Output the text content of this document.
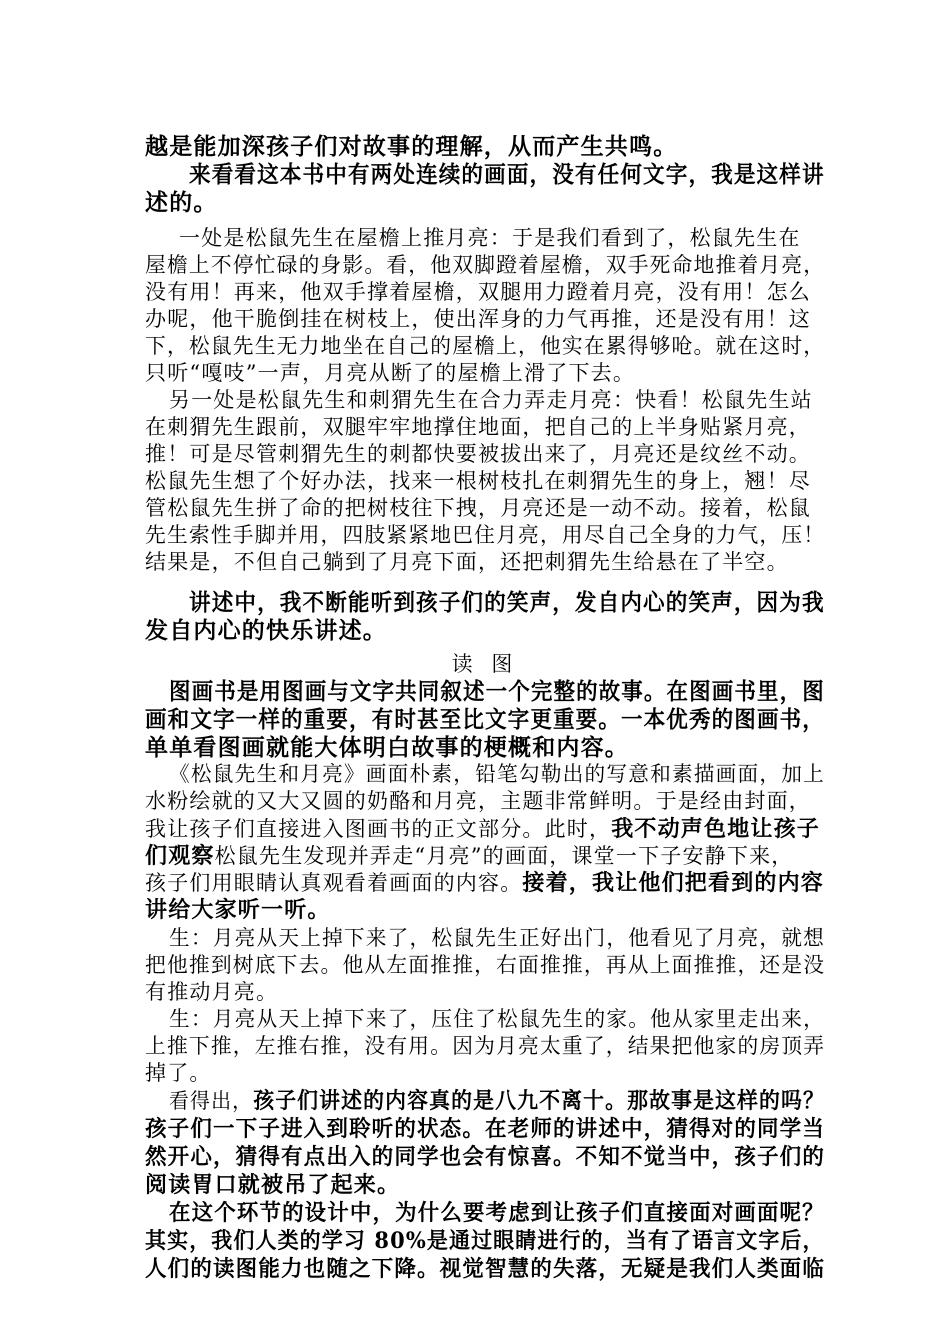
越是能加深孩子们对故事的理解，从而产生共鸣。
来看看这本书中有两处连续的画面，没有任何文字，我是这样讲
述的。
一处是松鼠先生在屋檐上推月亮：于是我们看到了，松鼠先生在
屋檐上不停忙碌的身影。看，他双脚蹬着屋檐，双手死命地推着月亮，
没有用！再来，他双手撑着屋檐，双腿用力蹬着月亮，没有用！怎么
办呢，他干脆倒挂在树枝上，使出浑身的力气再推，还是没有用！这
下，松鼠先生无力地坐在自己的屋檐上，他实在累得够呛。就在这时，
只听“嘎吱”一声，月亮从断了的屋檐上滑了下去。
另一处是松鼠先生和刺猬先生在合力弄走月亮：快看！松鼠先生站
在刺猬先生跟前，双腿牢牢地撑住地面，把自己的上半身贴紧月亮，
推！可是尽管刺猬先生的刺都快要被拔出来了，月亮还是纹丝不动。
松鼠先生想了个好办法，找来一根树枝扎在刺猬先生的身上，翘！尽
管松鼠先生拼了命的把树枝往下拽，月亮还是一动不动。接着，松鼠
先生索性手脚并用，四肢紧紧地巴住月亮，用尽自己全身的力气，压！
结果是，不但自己躺到了月亮下面，还把刺猬先生给悬在了半空。
讲述中，我不断能听到孩子们的笑声，发自内心的笑声，因为我
发自内心的快乐讲述。
读 图
图画书是用图画与文字共同叙述一个完整的故事。在图画书里，图
画和文字一样的重要，有时甚至比文字更重要。一本优秀的图画书，
单单看图画就能大体明白故事的梗概和内容。
《松鼠先生和月亮》画面朴素，铅笔勾勒出的写意和素描画面，加上
水粉绘就的又大又圆的奶酪和月亮，主题非常鲜明。于是经由封面，
我让孩子们直接进入图画书的正文部分。此时，我不动声色地让孩子
们观察松鼠先生发现并弄走“月亮”的画面，课堂一下子安静下来，
孩子们用眼睛认真观看着画面的内容。接着，我让他们把看到的内容
讲给大家听一听。
生：月亮从天上掉下来了，松鼠先生正好出门，他看见了月亮，就想
把他推到树底下去。他从左面推推，右面推推，再从上面推推，还是没
有推动月亮。
生：月亮从天上掉下来了，压住了松鼠先生的家。他从家里走出来，
上推下推，左推右推，没有用。因为月亮太重了，结果把他家的房顶弄
掉了。
看得出，孩子们讲述的内容真的是八九不离十。那故事是这样的吗？
孩子们一下子进入到聆听的状态。在老师的讲述中，猜得对的同学当
然开心，猜得有点出入的同学也会有惊喜。不知不觉当中，孩子们的
阅读胃口就被吊了起来。
在这个环节的设计中，为什么要考虑到让孩子们直接面对画面呢？
其实，我们人类的学习 80%是通过眼睛进行的，当有了语言文字后，
人们的读图能力也随之下降。视觉智慧的失落，无疑是我们人类面临
